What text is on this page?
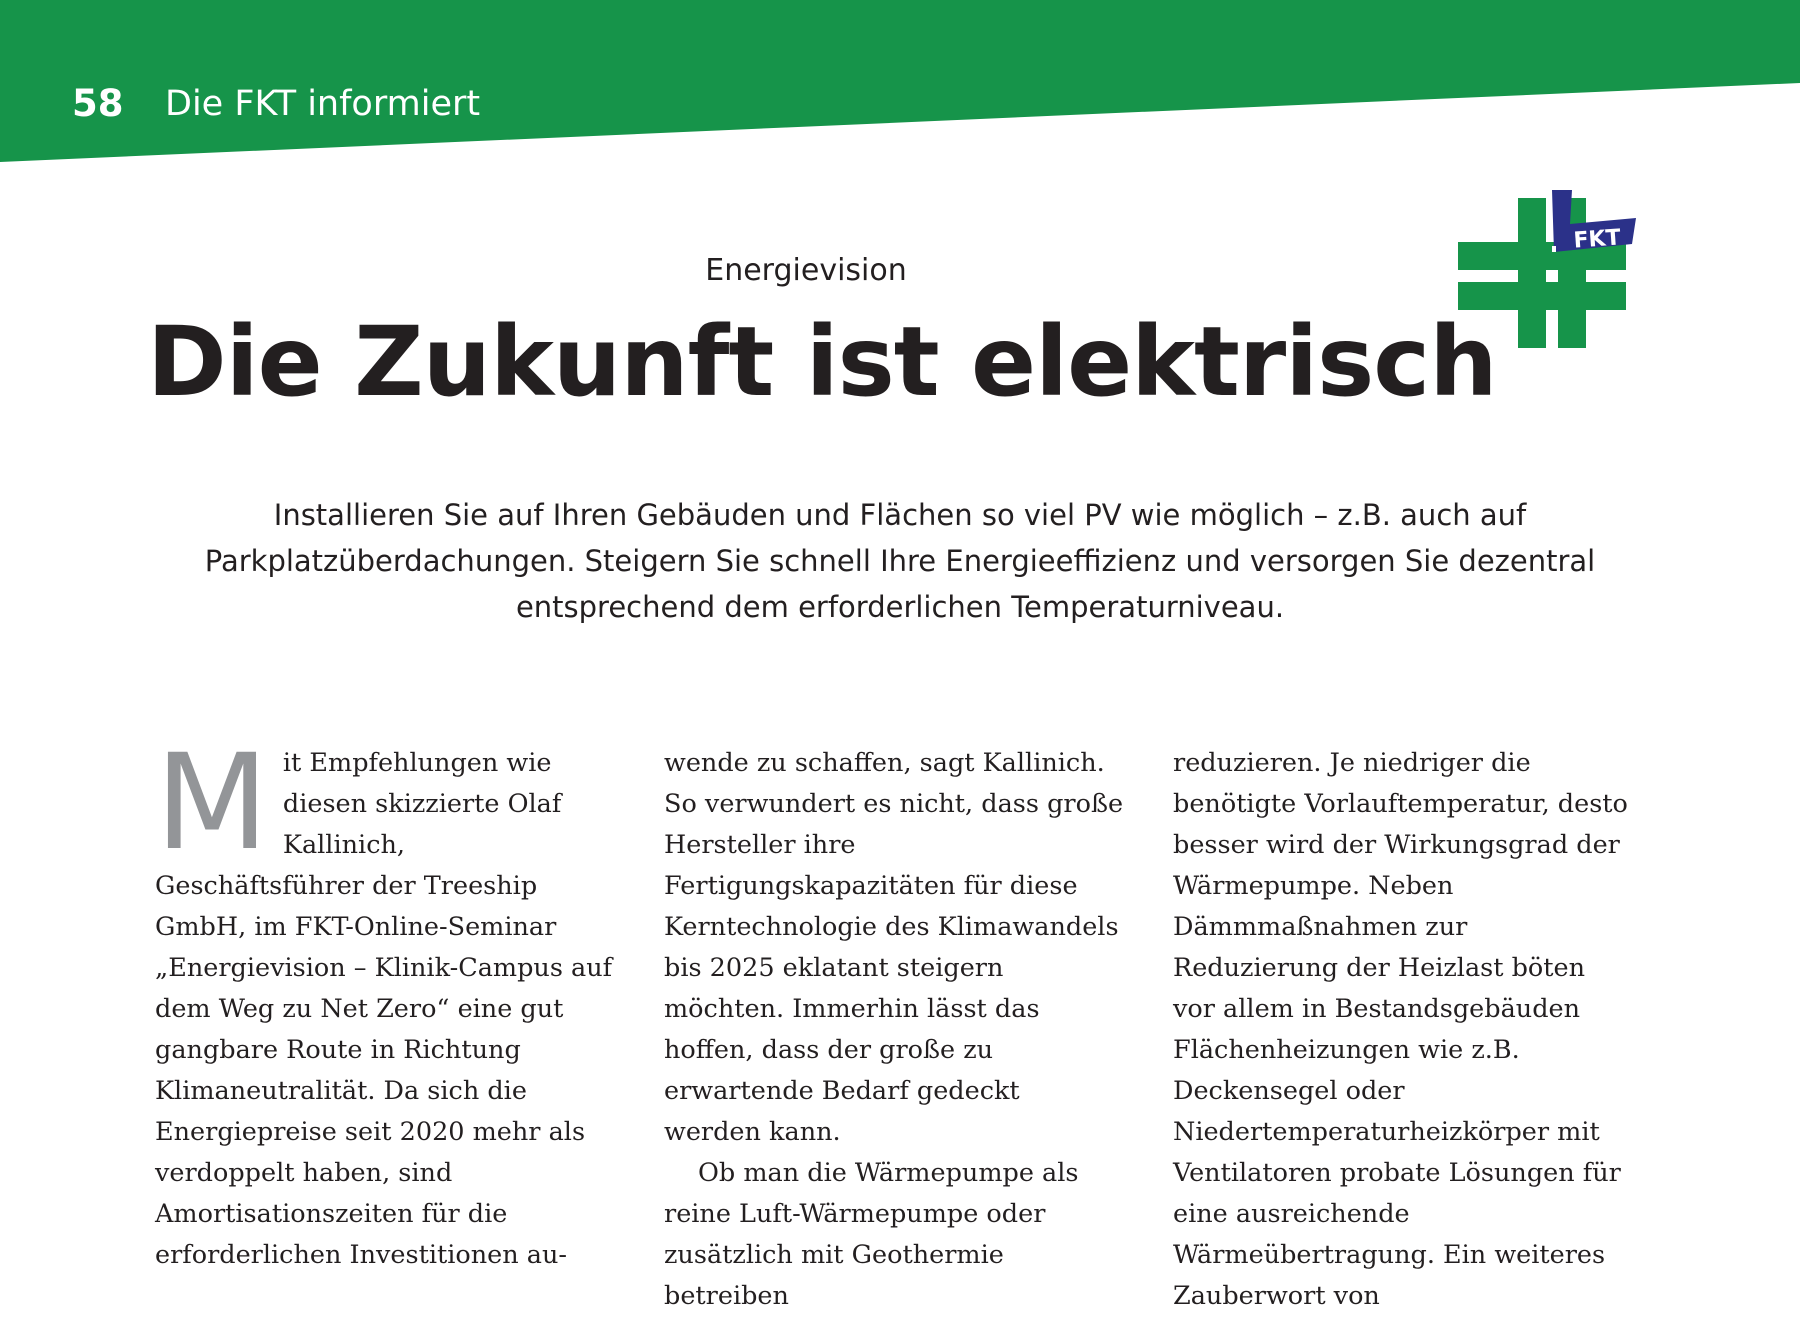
58 Die FKT informiert
FKT
Energievision
Die Zukunft ist elektrisch

Installieren Sie auf Ihren Gebäuden und Flächen so viel PV wie möglich – z.B. auch auf Parkplatzüberdachungen. Steigern Sie schnell Ihre Energieeffizienz und versorgen Sie dezentral entsprechend dem erforderlichen Temperaturniveau.

M it Empfehlungen wie diesen skizzierte Olaf Kallinich, Geschäftsführer der Treeship GmbH, im FKT-Online-Seminar „Energievision – Klinik-Campus auf dem Weg zu Net Zero“ eine gut gangbare Route in Richtung Klimaneutralität. Da sich die Energiepreise seit 2020 mehr als verdoppelt haben, sind Amortisationszeiten für die erforderlichen Investitionen au-

wende zu schaffen, sagt Kallinich. So verwundert es nicht, dass große Hersteller ihre Fertigungskapazitäten für diese Kerntechnologie des Klimawandels bis 2025 eklatant steigern möchten. Immerhin lässt das hoffen, dass der große zu erwartende Bedarf gedeckt werden kann.

Ob man die Wärmepumpe als reine Luft-Wärmepumpe oder zusätzlich mit Geothermie betreiben

reduzieren. Je niedriger die benötigte Vorlauftemperatur, desto besser wird der Wirkungsgrad der Wärmepumpe. Neben Dämmmaßnahmen zur Reduzierung der Heizlast böten vor allem in Bestandsgebäuden Flächenheizungen wie z.B. Deckensegel oder Niedertemperaturheizkörper mit Ventilatoren probate Lösungen für eine ausreichende Wärmeübertragung. Ein weiteres Zauberwort von
